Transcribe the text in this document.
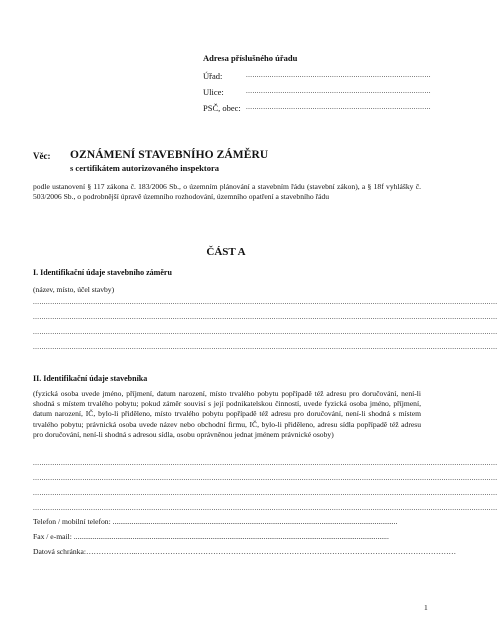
Adresa příslušného úřadu
Úřad:	......................................................................................
Ulice:	......................................................................................
PSČ, obec: ......................................................................................
Věc: OZNÁMENÍ STAVEBNÍHO ZÁMĚRU
s certifikátem autorizovaného inspektora
podle ustanovení § 117 zákona č. 183/2006 Sb., o územním plánování a stavebním řádu (stavební zákon), a § 18f vyhlášky č. 503/2006 Sb., o podrobnější úpravě územního rozhodování, územního opatření a stavebního řádu
ČÁST A
I. Identifikační údaje stavebního záměru
(název, místo, účel stavby)
........................................................................................................................................................................................................................
........................................................................................................................................................................................................................
........................................................................................................................................................................................................................
........................................................................................................................................................................................................................
II. Identifikační údaje stavebníka
(fyzická osoba uvede jméno, příjmení, datum narození, místo trvalého pobytu popřípadě též adresu pro doručování, není-li shodná s místem trvalého pobytu; pokud záměr souvisí s její podnikatelskou činností, uvede fyzická osoba jméno, příjmení, datum narození, IČ, bylo-li přiděleno, místo trvalého pobytu popřípadě též adresu pro doručování, není-li shodná s místem trvalého pobytu; právnická osoba uvede název nebo obchodní firmu, IČ, bylo-li přiděleno, adresu sídla popřípadě též adresu pro doručování, není-li shodná s adresou sídla, osobu oprávněnou jednat jménem právnické osoby)
........................................................................................................................................................................................................................
........................................................................................................................................................................................................................
........................................................................................................................................................................................................................
........................................................................................................................................................................................................................
Telefon / mobilní telefon: ......................................................................................................................................................
Fax / e-mail: ......................................................................................................................................................................
Datová schránka:………………...………………………………………………………………………………………………………………
1
